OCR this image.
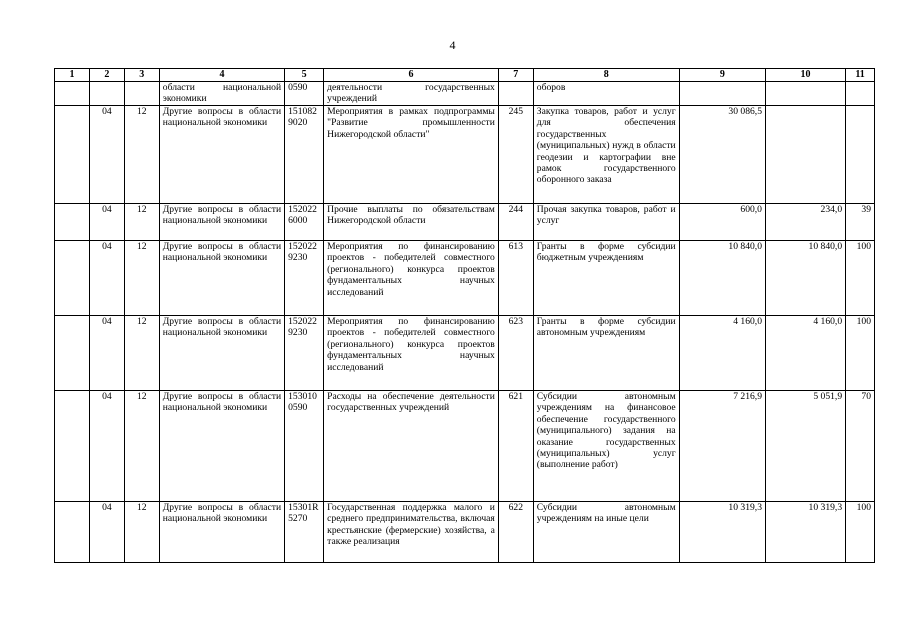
4
1	2	3	4	5	6	7	8	9	10	11
			области национальной экономики	0590	деятельности государственных учреждений		оборов			
	04	12	Другие вопросы в области национальной экономики	151082 9020	Мероприятия в рамках подпрограммы "Развитие промышленности Нижегородской области"	245	Закупка товаров, работ и услуг для обеспечения государственных (муниципальных) нужд в области геодезии и картографии вне рамок государственного оборонного заказа	30 086,5		
	04	12	Другие вопросы в области национальной экономики	152022 6000	Прочие выплаты по обязательствам Нижегородской области	244	Прочая закупка товаров, работ и услуг	600,0	234,0	39
	04	12	Другие вопросы в области национальной экономики	152022 9230	Мероприятия по финансированию проектов - победителей совместного (регионального) конкурса проектов фундаментальных научных исследований	613	Гранты в форме субсидии бюджетным учреждениям	10 840,0	10 840,0	100
	04	12	Другие вопросы в области национальной экономики	152022 9230	Мероприятия по финансированию проектов - победителей совместного (регионального) конкурса проектов фундаментальных научных исследований	623	Гранты в форме субсидии автономным учреждениям	4 160,0	4 160,0	100
	04	12	Другие вопросы в области национальной экономики	153010 0590	Расходы на обеспечение деятельности государственных учреждений	621	Субсидии автономным учреждениям на финансовое обеспечение государственного (муниципального) задания на оказание государственных (муниципальных) услуг (выполнение работ)	7 216,9	5 051,9	70
	04	12	Другие вопросы в области национальной экономики	15301R 5270	Государственная поддержка малого и среднего предпринимательства, включая крестьянские (фермерские) хозяйства, а также реализация	622	Субсидии автономным учреждениям на иные цели	10 319,3	10 319,3	100
